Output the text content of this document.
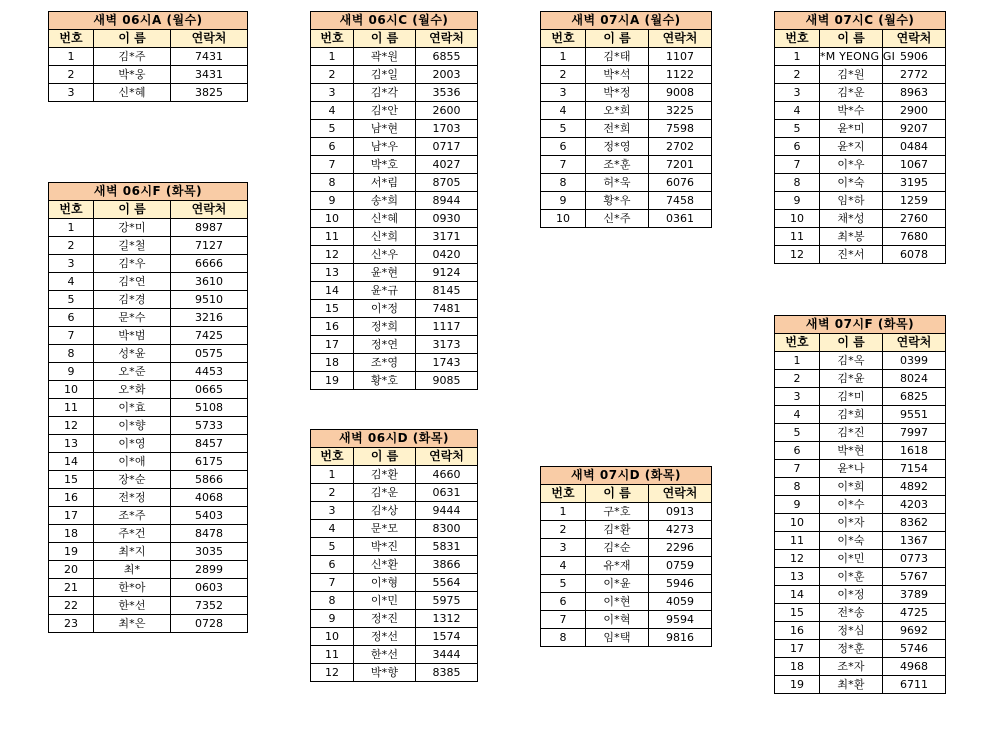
새벽 06시A (월수)		
번호	이 름	연락처
1	김*주	7431
2	박*웅	3431
3	신*혜	3825
새벽 06시F (화목)		
번호	이 름	연락처
1	강*미	8987
2	길*철	7127
3	김*우	6666
4	김*연	3610
5	김*경	9510
6	문*수	3216
7	박*범	7425
8	성*윤	0575
9	오*준	4453
10	오*화	0665
11	이*효	5108
12	이*향	5733
13	이*영	8457
14	이*애	6175
15	장*순	5866
16	전*정	4068
17	조*주	5403
18	주*건	8478
19	최*지	3035
20	최*	2899
21	한*아	0603
22	한*선	7352
23	최*은	0728
새벽 06시C (월수)		
번호	이 름	연락처
1	곽*원	6855
2	김*일	2003
3	김*각	3536
4	김*안	2600
5	남*현	1703
6	남*우	0717
7	박*호	4027
8	서*림	8705
9	송*희	8944
10	신*혜	0930
11	신*희	3171
12	신*우	0420
13	윤*현	9124
14	윤*규	8145
15	이*정	7481
16	정*희	1117
17	정*연	3173
18	조*영	1743
19	황*호	9085
새벽 06시D (화목)		
번호	이 름	연락처
1	김*환	4660
2	김*운	0631
3	김*상	9444
4	문*모	8300
5	박*진	5831
6	신*환	3866
7	이*형	5564
8	이*민	5975
9	정*진	1312
10	정*선	1574
11	한*선	3444
12	박*향	8385
새벽 07시A (월수)		
번호	이 름	연락처
1	김*태	1107
2	박*석	1122
3	박*정	9008
4	오*희	3225
5	전*희	7598
6	정*영	2702
7	조*훈	7201
8	허*욱	6076
9	황*우	7458
10	신*주	0361
새벽 07시D (화목)		
번호	이 름	연락처
1	구*호	0913
2	김*환	4273
3	김*순	2296
4	유*재	0759
5	이*윤	5946
6	이*현	4059
7	이*혁	9594
8	임*택	9816
새벽 07시C (월수)		
번호	이 름	연락처
1	*M YEONG GI	5906
2	김*원	2772
3	김*운	8963
4	박*수	2900
5	윤*미	9207
6	윤*지	0484
7	이*우	1067
8	이*숙	3195
9	임*하	1259
10	채*성	2760
11	최*봉	7680
12	진*서	6078
새벽 07시F (화목)		
번호	이 름	연락처
1	김*옥	0399
2	김*윤	8024
3	김*미	6825
4	김*희	9551
5	김*진	7997
6	박*현	1618
7	윤*나	7154
8	이*희	4892
9	이*수	4203
10	이*자	8362
11	이*숙	1367
12	이*민	0773
13	이*훈	5767
14	이*정	3789
15	전*송	4725
16	정*심	9692
17	정*훈	5746
18	조*자	4968
19	최*환	6711
